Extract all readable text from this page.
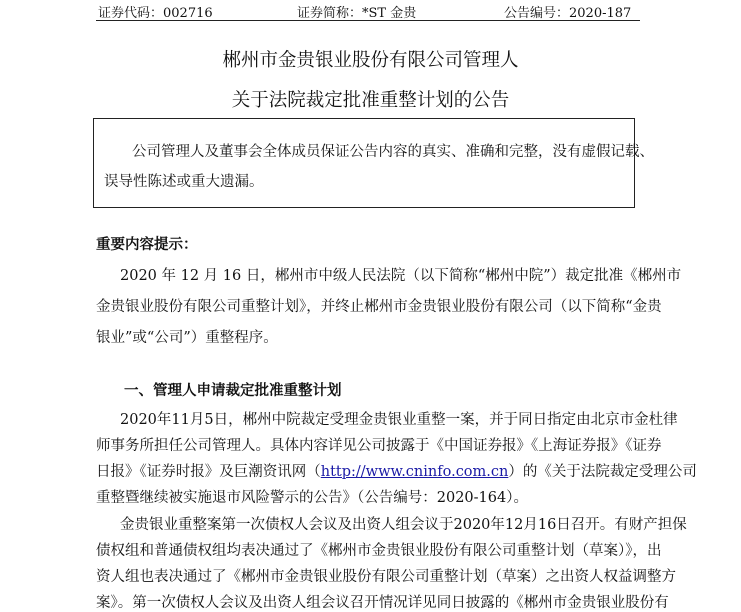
证券代码：002716	证券简称：*ST 金贵	公告编号：2020-187
郴州市金贵银业股份有限公司管理人
关于法院裁定批准重整计划的公告
公司管理人及董事会全体成员保证公告内容的真实、准确和完整，没有虚假记载、
误导性陈述或重大遗漏。
重要内容提示：
2020 年 12 月 16 日，郴州市中级人民法院（以下简称“郴州中院”）裁定批准《郴州市
金贵银业股份有限公司重整计划》，并终止郴州市金贵银业股份有限公司（以下简称“金贵
银业”或“公司”）重整程序。
一、管理人申请裁定批准重整计划
2020年11月5日，郴州中院裁定受理金贵银业重整一案，并于同日指定由北京市金杜律
师事务所担任公司管理人。具体内容详见公司披露于《中国证券报》《上海证券报》《证券
日报》《证券时报》及巨潮资讯网（http://www.cninfo.com.cn）的《关于法院裁定受理公司
重整暨继续被实施退市风险警示的公告》（公告编号：2020-164）。
金贵银业重整案第一次债权人会议及出资人组会议于2020年12月16日召开。有财产担保
债权组和普通债权组均表决通过了《郴州市金贵银业股份有限公司重整计划（草案）》，出
资人组也表决通过了《郴州市金贵银业股份有限公司重整计划（草案）之出资人权益调整方
案》。第一次债权人会议及出资人组会议召开情况详见同日披露的《郴州市金贵银业股份有
